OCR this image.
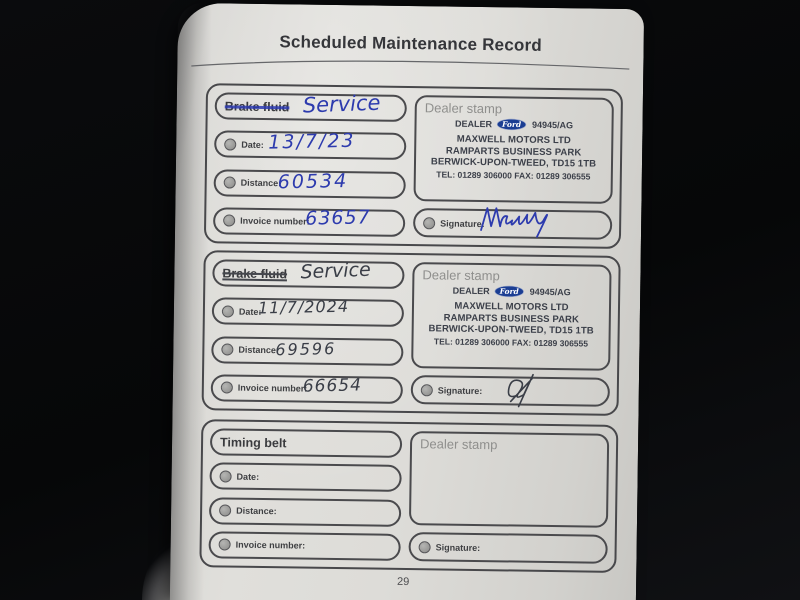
Scheduled Maintenance Record
Brake fluid Service
Date: 13/7/23
Distance:
60534
Invoice number:
63657
Dealer stamp
DEALER Ford 94945/AG
MAXWELL MOTORS LTD
RAMPARTS BUSINESS PARK
BERWICK-UPON-TWEED, TD15 1TB
TEL: 01289 306000 FAX: 01289 306555
Signature:
Brake fluid Service
Date:
11/7/2024
Distance:
69596
Invoice number:
66654
Dealer stamp
DEALER Ford 94945/AG
MAXWELL MOTORS LTD
RAMPARTS BUSINESS PARK
BERWICK-UPON-TWEED, TD15 1TB
TEL: 01289 306000 FAX: 01289 306555
Signature:
Timing belt
Date:
Distance:
Invoice number:
Dealer stamp
Signature:
29
